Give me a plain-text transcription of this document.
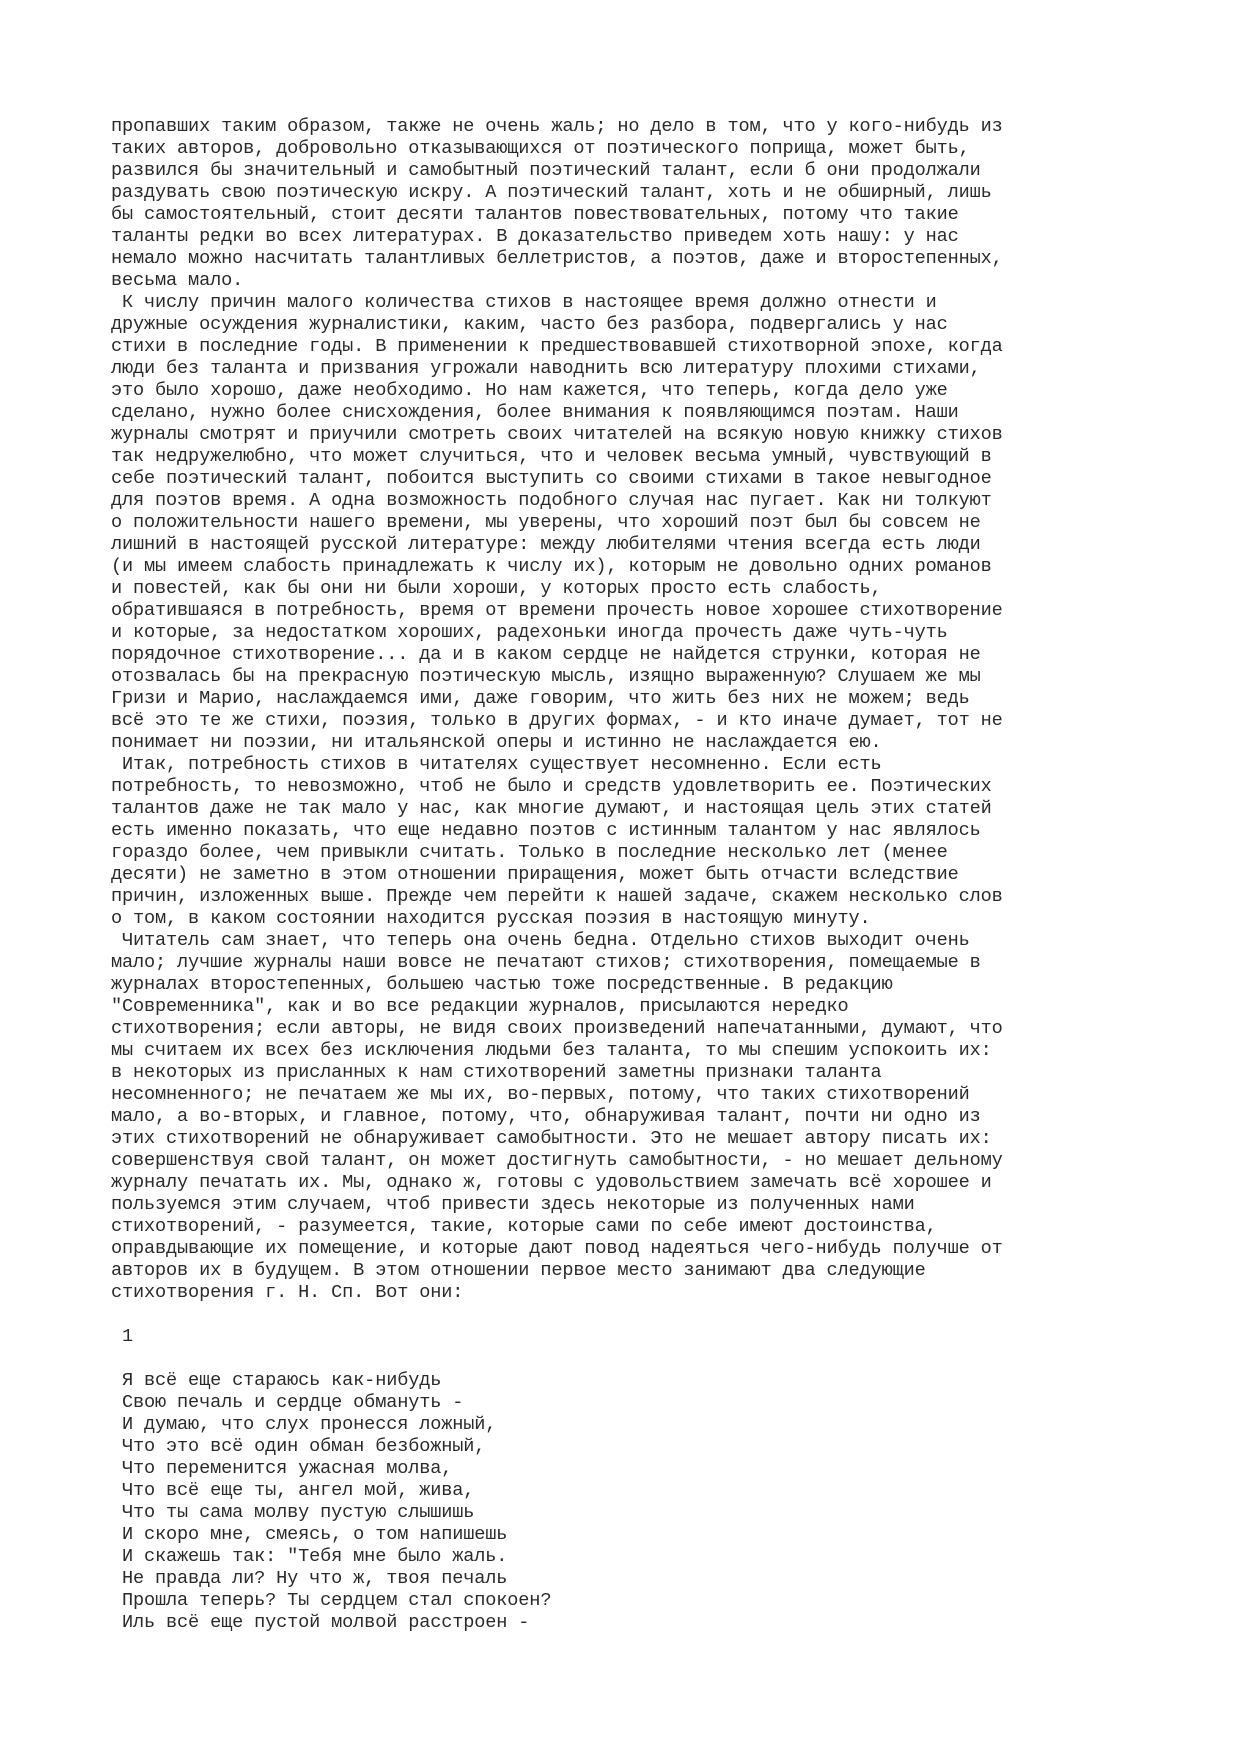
пропавших таким образом, также не очень жаль; но дело в том, что у кого-нибудь из
таких авторов, добровольно отказывающихся от поэтического поприща, может быть,
развился бы значительный и самобытный поэтический талант, если б они продолжали
раздувать свою поэтическую искру. А поэтический талант, хоть и не обширный, лишь
бы самостоятельный, стоит десяти талантов повествовательных, потому что такие
таланты редки во всех литературах. В доказательство приведем хоть нашу: у нас
немало можно насчитать талантливых беллетристов, а поэтов, даже и второстепенных,
весьма мало.
К числу причин малого количества стихов в настоящее время должно отнести и
дружные осуждения журналистики, каким, часто без разбора, подвергались у нас
стихи в последние годы. В применении к предшествовавшей стихотворной эпохе, когда
люди без таланта и призвания угрожали наводнить всю литературу плохими стихами,
это было хорошо, даже необходимо. Но нам кажется, что теперь, когда дело уже
сделано, нужно более снисхождения, более внимания к появляющимся поэтам. Наши
журналы смотрят и приучили смотреть своих читателей на всякую новую книжку стихов
так недружелюбно, что может случиться, что и человек весьма умный, чувствующий в
себе поэтический талант, побоится выступить со своими стихами в такое невыгодное
для поэтов время. А одна возможность подобного случая нас пугает. Как ни толкуют
о положительности нашего времени, мы уверены, что хороший поэт был бы совсем не
лишний в настоящей русской литературе: между любителями чтения всегда есть люди
(и мы имеем слабость принадлежать к числу их), которым не довольно одних романов
и повестей, как бы они ни были хороши, у которых просто есть слабость,
обратившаяся в потребность, время от времени прочесть новое хорошее стихотворение
и которые, за недостатком хороших, радехоньки иногда прочесть даже чуть-чуть
порядочное стихотворение... да и в каком сердце не найдется струнки, которая не
отозвалась бы на прекрасную поэтическую мысль, изящно выраженную? Слушаем же мы
Гризи и Марио, наслаждаемся ими, даже говорим, что жить без них не можем; ведь
всё это те же стихи, поэзия, только в других формах, - и кто иначе думает, тот не
понимает ни поэзии, ни итальянской оперы и истинно не наслаждается ею.
Итак, потребность стихов в читателях существует несомненно. Если есть
потребность, то невозможно, чтоб не было и средств удовлетворить ее. Поэтических
талантов даже не так мало у нас, как многие думают, и настоящая цель этих статей
есть именно показать, что еще недавно поэтов с истинным талантом у нас являлось
гораздо более, чем привыкли считать. Только в последние несколько лет (менее
десяти) не заметно в этом отношении приращения, может быть отчасти вследствие
причин, изложенных выше. Прежде чем перейти к нашей задаче, скажем несколько слов
о том, в каком состоянии находится русская поэзия в настоящую минуту.
Читатель сам знает, что теперь она очень бедна. Отдельно стихов выходит очень
мало; лучшие журналы наши вовсе не печатают стихов; стихотворения, помещаемые в
журналах второстепенных, большею частью тоже посредственные. В редакцию
"Современника", как и во все редакции журналов, присылаются нередко
стихотворения; если авторы, не видя своих произведений напечатанными, думают, что
мы считаем их всех без исключения людьми без таланта, то мы спешим успокоить их:
в некоторых из присланных к нам стихотворений заметны признаки таланта
несомненного; не печатаем же мы их, во-первых, потому, что таких стихотворений
мало, а во-вторых, и главное, потому, что, обнаруживая талант, почти ни одно из
этих стихотворений не обнаруживает самобытности. Это не мешает автору писать их:
совершенствуя свой талант, он может достигнуть самобытности, - но мешает дельному
журналу печатать их. Мы, однако ж, готовы с удовольствием замечать всё хорошее и
пользуемся этим случаем, чтоб привести здесь некоторые из полученных нами
стихотворений, - разумеется, такие, которые сами по себе имеют достоинства,
оправдывающие их помещение, и которые дают повод надеяться чего-нибудь получше от
авторов их в будущем. В этом отношении первое место занимают два следующие
стихотворения г. Н. Сп. Вот они:
1
Я всё еще стараюсь как-нибудь
Свою печаль и сердце обмануть -
И думаю, что слух пронесся ложный,
Что это всё один обман безбожный,
Что переменится ужасная молва,
Что всё еще ты, ангел мой, жива,
Что ты сама молву пустую слышишь
И скоро мне, смеясь, о том напишешь
И скажешь так: "Тебя мне было жаль.
Не правда ли? Ну что ж, твоя печаль
Прошла теперь? Ты сердцем стал спокоен?
Иль всё еще пустой молвой расстроен -
